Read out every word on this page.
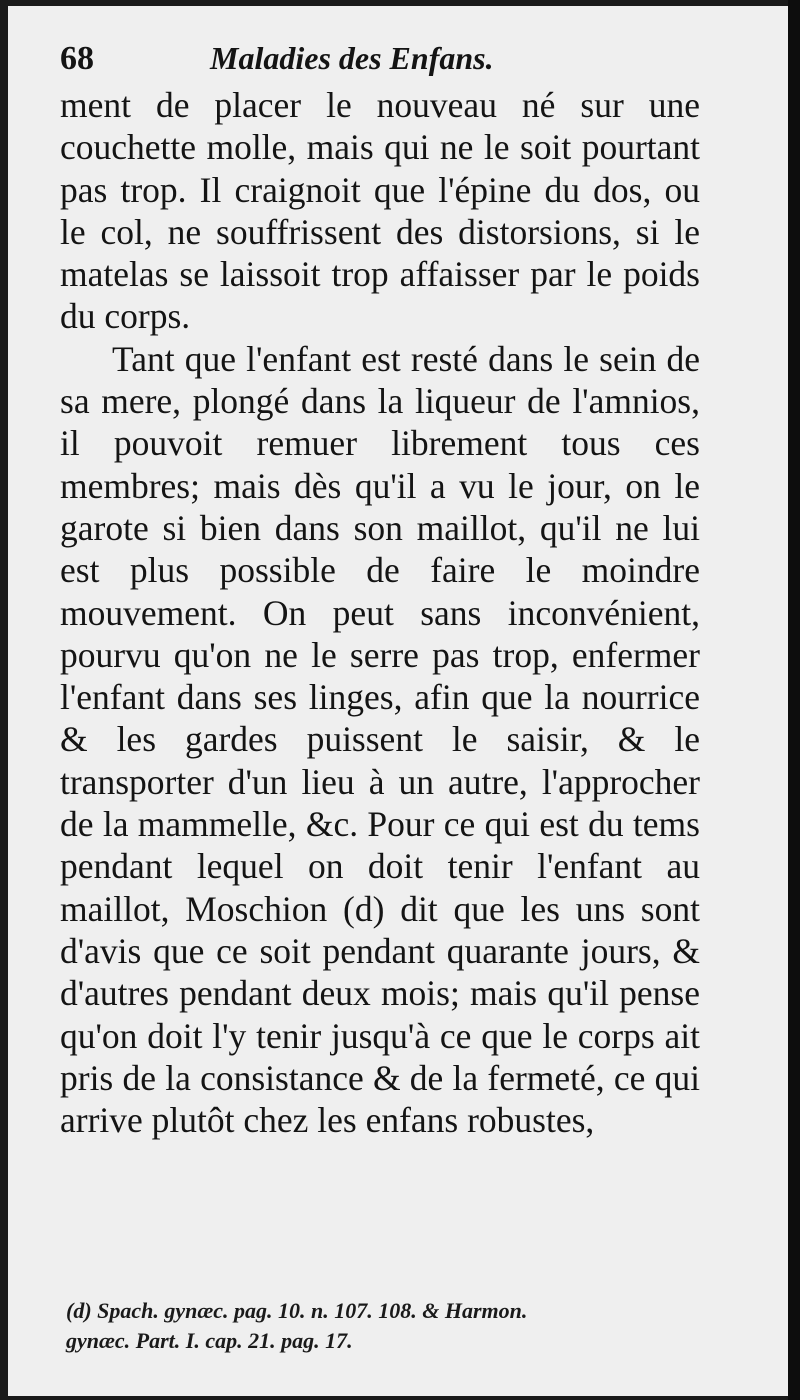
68	Maladies des Enfans.

ment de placer le nouveau né sur une couchette molle, mais qui ne le soit pourtant pas trop. Il craignoit que l'épine du dos, ou le col, ne souffrissent des distorsions, si le matelas se laissoit trop affaisser par le poids du corps.

Tant que l'enfant est resté dans le sein de sa mere, plongé dans la liqueur de l'amnios, il pouvoit remuer librement tous ces membres; mais dès qu'il a vu le jour, on le garote si bien dans son maillot, qu'il ne lui est plus possible de faire le moindre mouvement. On peut sans inconvénient, pourvu qu'on ne le serre pas trop, enfermer l'enfant dans ses linges, afin que la nourrice & les gardes puissent le saisir, & le transporter d'un lieu à un autre, l'approcher de la mammelle, &c. Pour ce qui est du tems pendant lequel on doit tenir l'enfant au maillot, Moschion (d) dit que les uns sont d'avis que ce soit pendant quarante jours, & d'autres pendant deux mois; mais qu'il pense qu'on doit l'y tenir jusqu'à ce que le corps ait pris de la consistance & de la fermeté, ce qui arrive plutôt chez les enfans robustes,

(d) Spach. gynæc. pag. 10. n. 107. 108. & Harmon.
gynæc. Part. I. cap. 21. pag. 17.
